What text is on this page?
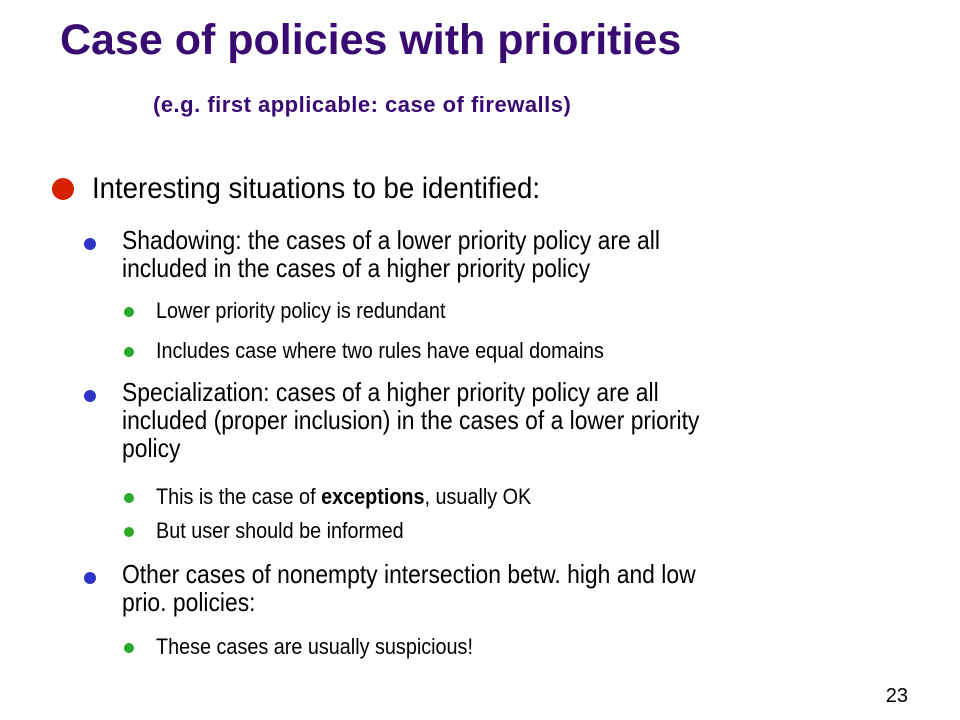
Case of policies with priorities
(e.g. first applicable: case of firewalls)
Interesting situations to be identified:
Shadowing: the cases of a lower priority policy are all
included in the cases of a higher priority policy
Lower priority policy is redundant
Includes case where two rules have equal domains
Specialization: cases of a higher priority policy are all
included (proper inclusion) in the cases of a lower priority
policy
This is the case of exceptions, usually OK
But user should be informed
Other cases of nonempty intersection betw. high and low
prio. policies:
These cases are usually suspicious!
23
